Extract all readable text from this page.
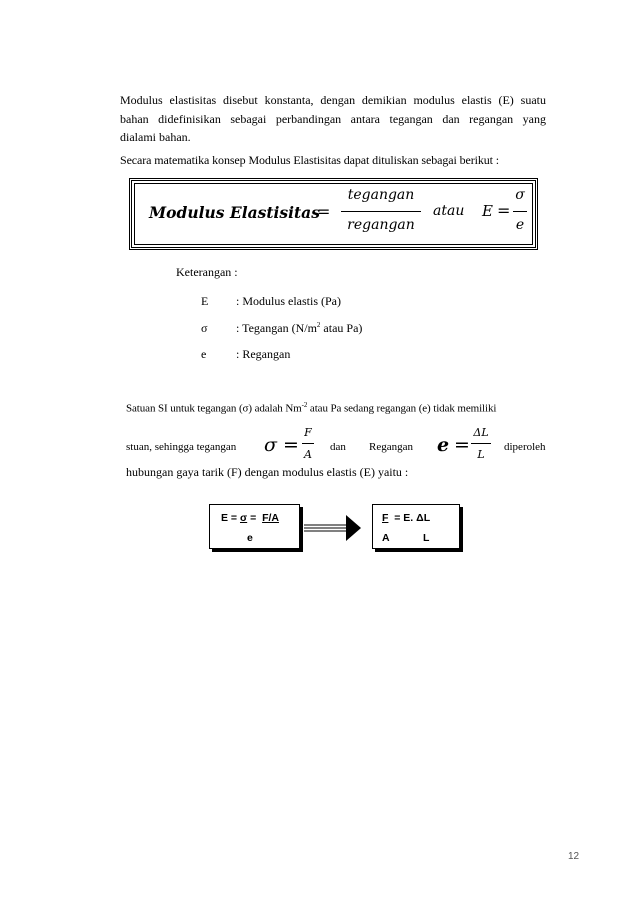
Modulus elastisitas disebut konstanta, dengan demikian modulus elastis (E) suatu
bahan didefinisikan sebagai perbandingan antara tegangan dan regangan yang
dialami bahan.
Secara matematika konsep Modulus Elastisitas dapat dituliskan sebagai berikut :
Modulus Elastisitas
=
tegangan
regangan
atau E =
σ
e
Keterangan :
E : Modulus elastis (Pa)
σ : Tegangan ($N/m^2$ atau Pa)
e : Regangan
Satuan SI untuk tegangan (σ) adalah $Nm^{-2}$ atau Pa sedang regangan (e) tidak memiliki
stuan, sehingga tegangan σ =
F
A
dan Regangan e =
ΔL
L
diperoleh
hubungan gaya tarik (F) dengan modulus elastis (E) yaitu :
E = σ =  F/A
e
F  = E. ΔL
A	L
12
